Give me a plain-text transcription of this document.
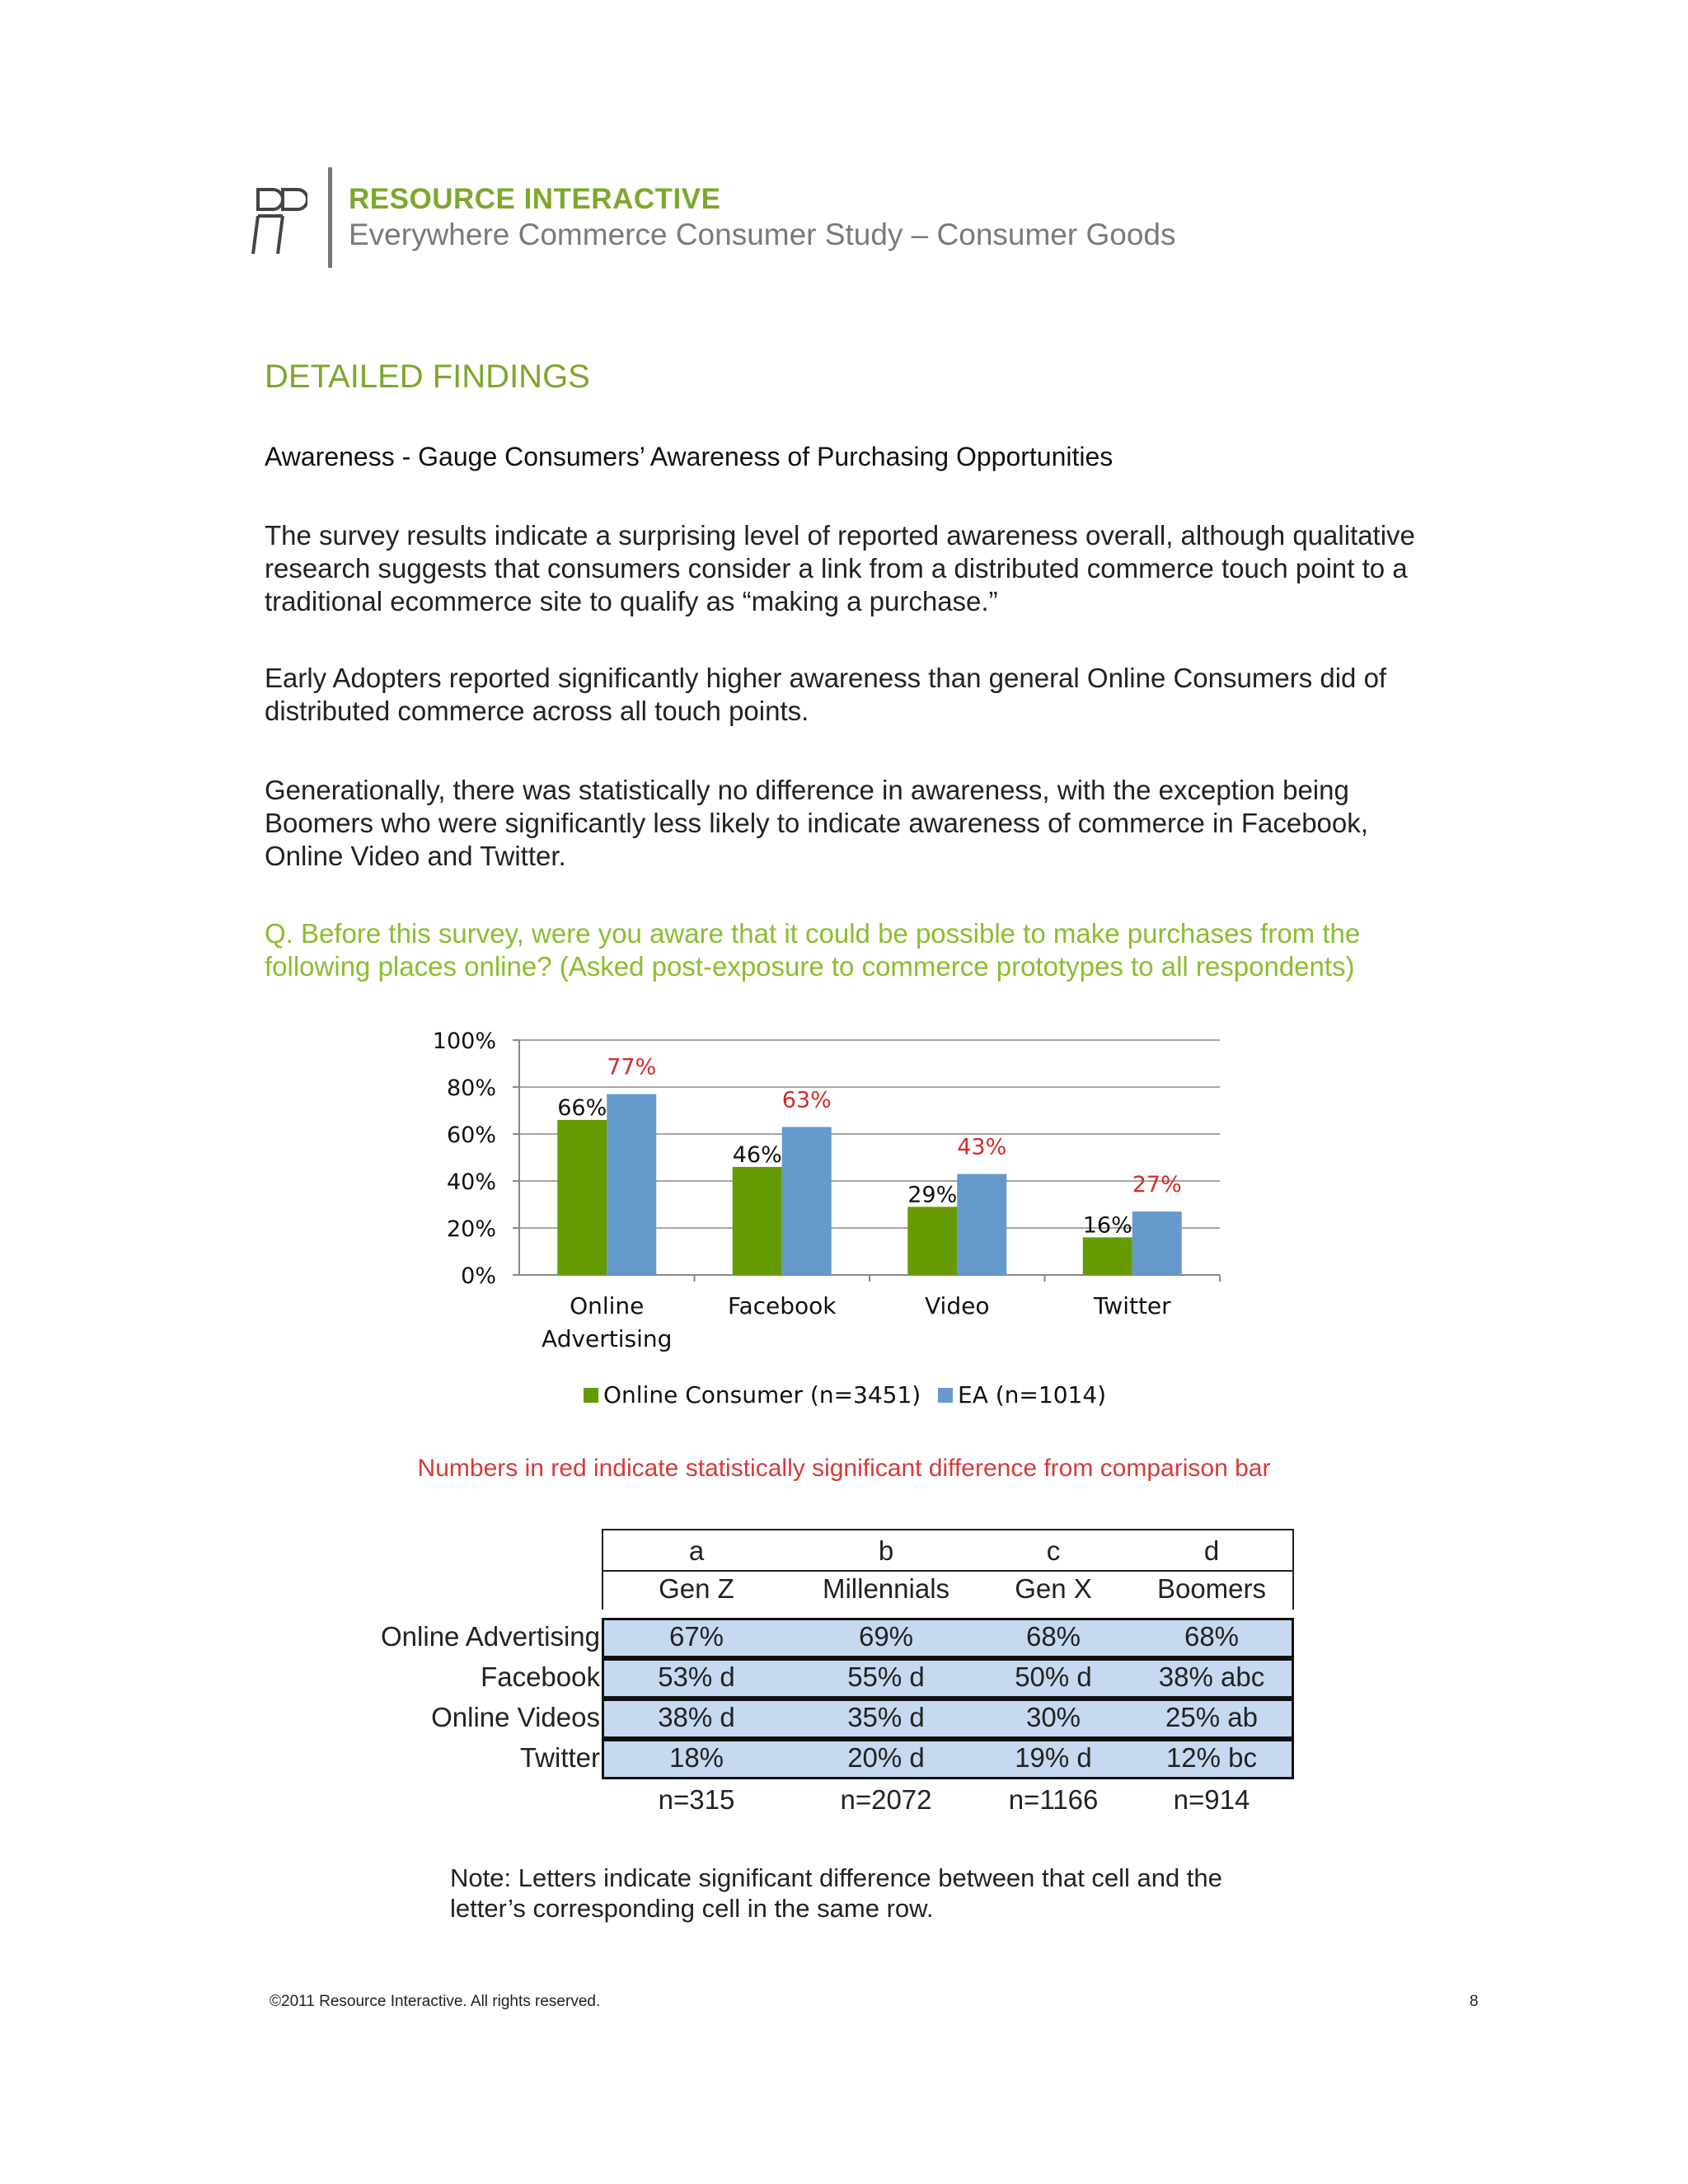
RESOURCE INTERACTIVE
Everywhere Commerce Consumer Study – Consumer Goods
DETAILED FINDINGS
Awareness - Gauge Consumers’ Awareness of Purchasing Opportunities
The survey results indicate a surprising level of reported awareness overall, although qualitative research suggests that consumers consider a link from a distributed commerce touch point to a traditional ecommerce site to qualify as “making a purchase.”
Early Adopters reported significantly higher awareness than general Online Consumers did of distributed commerce across all touch points.
Generationally, there was statistically no difference in awareness, with the exception being Boomers who were significantly less likely to indicate awareness of commerce in Facebook, Online Video and Twitter.
Q. Before this survey, were you aware that it could be possible to make purchases from the following places online? (Asked post-exposure to commerce prototypes to all respondents)
0%
20%
40%
60%
80%
100%
66%
77%
Online
Advertising
46%
63%
Facebook
29%
43%
Video
16%
27%
Twitter
Online Consumer (n=3451) EA (n=1014)
Numbers in red indicate statistically significant difference from comparison bar
a	b	c	d
Gen Z	Millennials	Gen X	Boomers
Online Advertising	67%	69%	68%	68%
Facebook	53% d	55% d	50% d	38% abc
Online Videos	38% d	35% d	30%	25% ab
Twitter	18%	20% d	19% d	12% bc
n=315	n=2072	n=1166	n=914
Note: Letters indicate significant difference between that cell and the letter’s corresponding cell in the same row.
©2011 Resource Interactive. All rights reserved.	8
